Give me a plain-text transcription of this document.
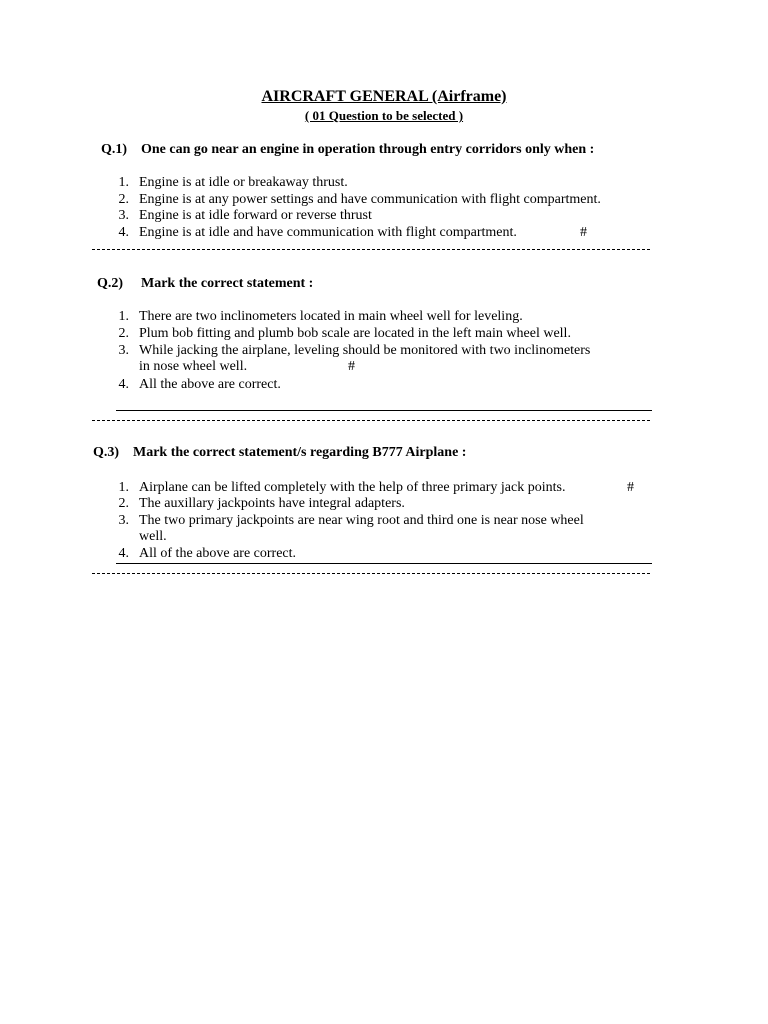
AIRCRAFT GENERAL (Airframe)
( 01 Question to be selected )
Q.1) One can go near an engine in operation through entry corridors only when :
1. Engine is at idle or breakaway thrust.
2. Engine is at any power settings and have communication with flight compartment.
3. Engine is at idle forward or reverse thrust
4. Engine is at idle and have communication with flight compartment.	#
Q.2) Mark the correct statement :
1. There are two inclinometers located in main wheel well for leveling.
2. Plum bob fitting and plumb bob scale are located in the left main wheel well.
3. While jacking the airplane, leveling should be monitored with two inclinometers
in nose wheel well.	#
4. All the above are correct.
Q.3) Mark the correct statement/s regarding B777 Airplane :
1. Airplane can be lifted completely with the help of three primary jack points.	#
2. The auxillary jackpoints have integral adapters.
3. The two primary jackpoints are near wing root and third one is near nose wheel
well.
4. All of the above are correct.
